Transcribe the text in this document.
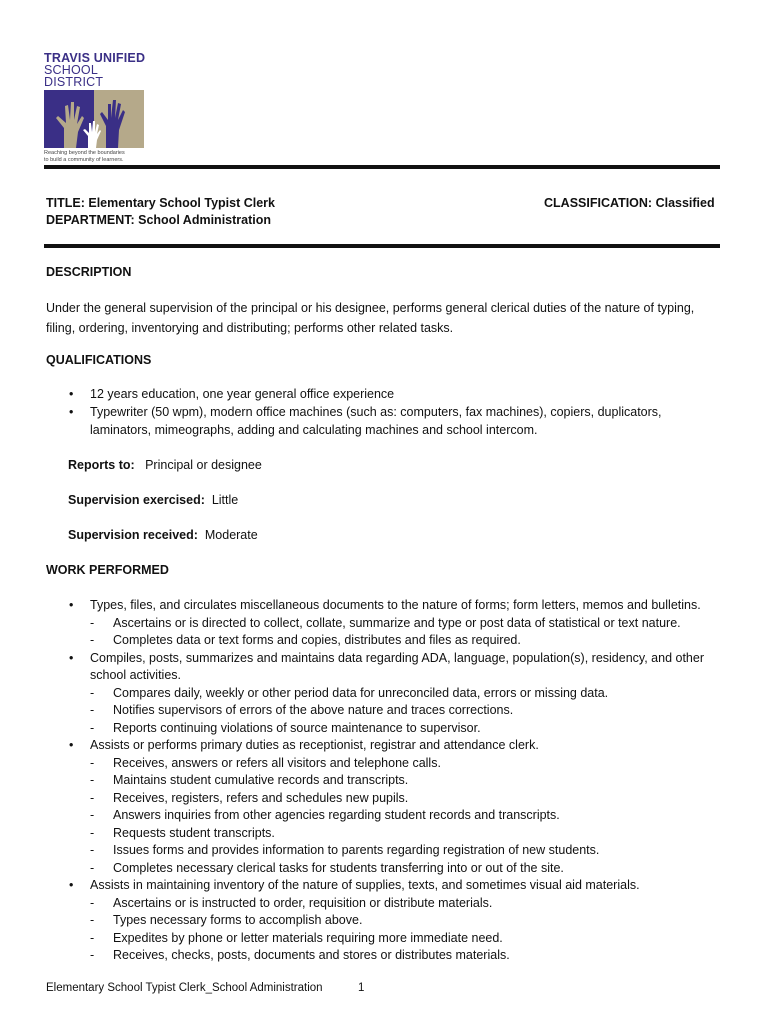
TRAVIS UNIFIED
SCHOOL DISTRICT
Reaching beyond the boundaries
to build a community of learners.
TITLE: Elementary School Typist Clerk
DEPARTMENT: School Administration
CLASSIFICATION: Classified
DESCRIPTION
Under the general supervision of the principal or his designee, performs general clerical duties of the nature of typing,
filing, ordering, inventorying and distributing; performs other related tasks.
QUALIFICATIONS
• 12 years education, one year general office experience
• Typewriter (50 wpm), modern office machines (such as: computers, fax machines), copiers, duplicators,
laminators, mimeographs, adding and calculating machines and school intercom.
Reports to: Principal or designee
Supervision exercised: Little
Supervision received: Moderate
WORK PERFORMED
• Types, files, and circulates miscellaneous documents to the nature of forms; form letters, memos and bulletins.
- Ascertains or is directed to collect, collate, summarize and type or post data of statistical or text nature.
- Completes data or text forms and copies, distributes and files as required.
• Compiles, posts, summarizes and maintains data regarding ADA, language, population(s), residency, and other
school activities.
- Compares daily, weekly or other period data for unreconciled data, errors or missing data.
- Notifies supervisors of errors of the above nature and traces corrections.
- Reports continuing violations of source maintenance to supervisor.
• Assists or performs primary duties as receptionist, registrar and attendance clerk.
- Receives, answers or refers all visitors and telephone calls.
- Maintains student cumulative records and transcripts.
- Receives, registers, refers and schedules new pupils.
- Answers inquiries from other agencies regarding student records and transcripts.
- Requests student transcripts.
- Issues forms and provides information to parents regarding registration of new students.
- Completes necessary clerical tasks for students transferring into or out of the site.
• Assists in maintaining inventory of the nature of supplies, texts, and sometimes visual aid materials.
- Ascertains or is instructed to order, requisition or distribute materials.
- Types necessary forms to accomplish above.
- Expedites by phone or letter materials requiring more immediate need.
- Receives, checks, posts, documents and stores or distributes materials.
Elementary School Typist Clerk_School Administration	1
